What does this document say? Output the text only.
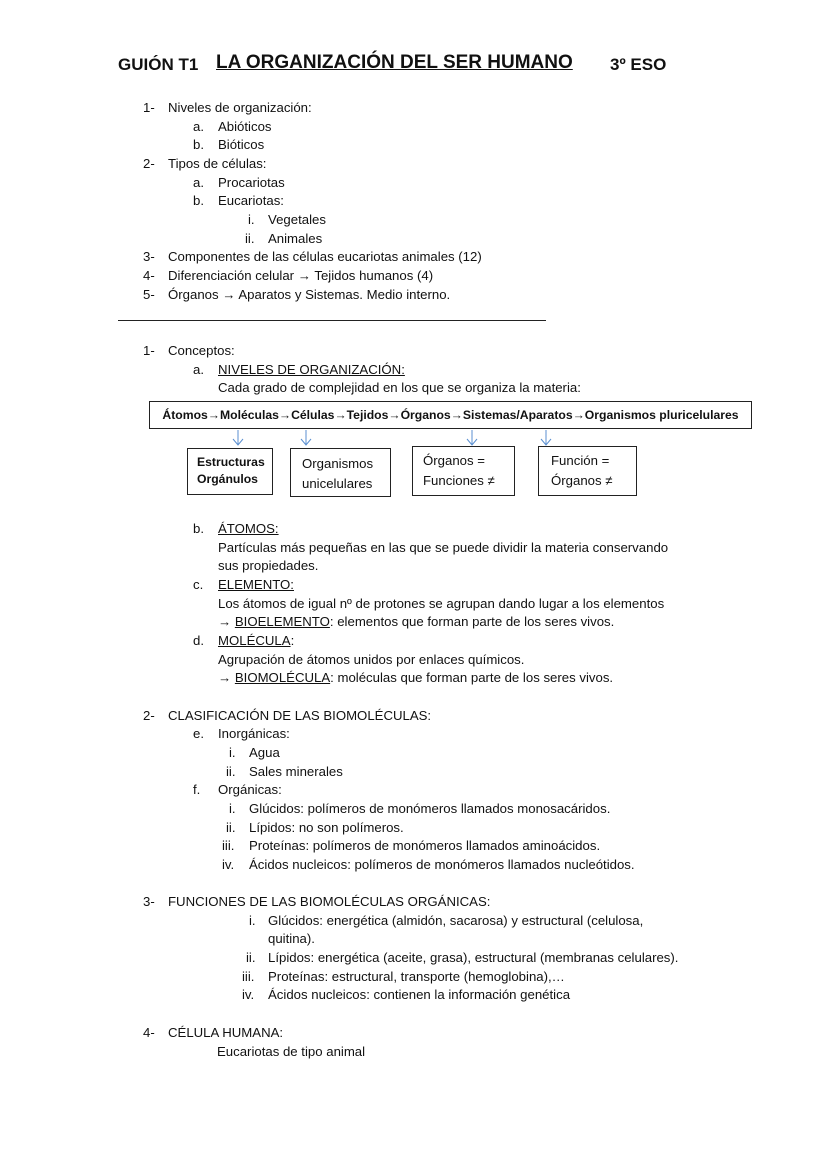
GUIÓN T1 LA ORGANIZACIÓN DEL SER HUMANO 3º ESO
1- Niveles de organización:
a. Abióticos
b. Bióticos
2- Tipos de células:
a. Procariotas
b. Eucariotas:
i. Vegetales
ii. Animales
3- Componentes de las células eucariotas animales (12)
4- Diferenciación celular → Tejidos humanos (4)
5- Órganos → Aparatos y Sistemas. Medio interno.
1- Conceptos:
a. NIVELES DE ORGANIZACIÓN:
Cada grado de complejidad en los que se organiza la materia:
Átomos→Moléculas→Células→Tejidos→Órganos→Sistemas/Aparatos→Organismos pluricelulares
Estructuras
Orgánulos
Organismos
unicelulares
Órganos =
Funciones ≠
Función =
Órganos ≠
b. ÁTOMOS:
Partículas más pequeñas en las que se puede dividir la materia conservando
sus propiedades.
c. ELEMENTO:
Los átomos de igual nº de protones se agrupan dando lugar a los elementos
→ BIOELEMENTO: elementos que forman parte de los seres vivos.
d. MOLÉCULA:
Agrupación de átomos unidos por enlaces químicos.
→ BIOMOLÉCULA: moléculas que forman parte de los seres vivos.
2- CLASIFICACIÓN DE LAS BIOMOLÉCULAS:
e. Inorgánicas:
i. Agua
ii. Sales minerales
f. Orgánicas:
i. Glúcidos: polímeros de monómeros llamados monosacáridos.
ii. Lípidos: no son polímeros.
iii. Proteínas: polímeros de monómeros llamados aminoácidos.
iv. Ácidos nucleicos: polímeros de monómeros llamados nucleótidos.
3- FUNCIONES DE LAS BIOMOLÉCULAS ORGÁNICAS:
i. Glúcidos: energética (almidón, sacarosa) y estructural (celulosa,
quitina).
ii. Lípidos: energética (aceite, grasa), estructural (membranas celulares).
iii. Proteínas: estructural, transporte (hemoglobina),…
iv. Ácidos nucleicos: contienen la información genética
4- CÉLULA HUMANA:
Eucariotas de tipo animal
